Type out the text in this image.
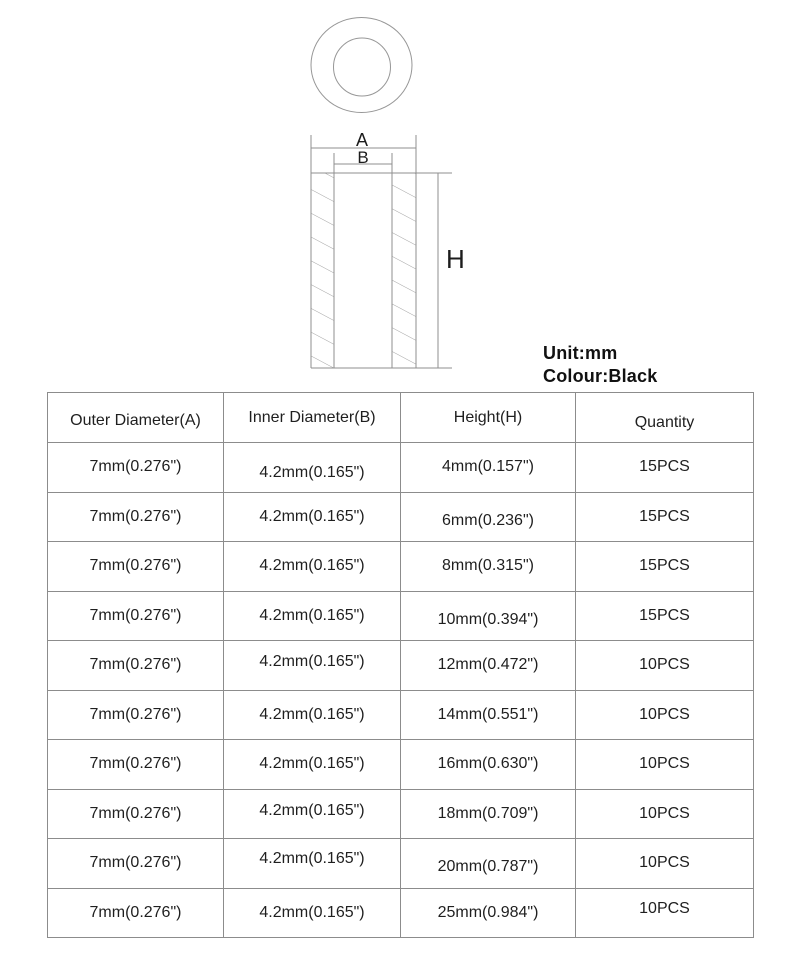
A
B
H
Unit:mm
Colour:Black
Outer Diameter(A)	Inner Diameter(B)	Height(H)	Quantity
7mm(0.276")	4.2mm(0.165")	4mm(0.157")	15PCS
7mm(0.276")	4.2mm(0.165")	6mm(0.236")	15PCS
7mm(0.276")	4.2mm(0.165")	8mm(0.315")	15PCS
7mm(0.276")	4.2mm(0.165")	10mm(0.394")	15PCS
7mm(0.276")	4.2mm(0.165")	12mm(0.472")	10PCS
7mm(0.276")	4.2mm(0.165")	14mm(0.551")	10PCS
7mm(0.276")	4.2mm(0.165")	16mm(0.630")	10PCS
7mm(0.276")	4.2mm(0.165")	18mm(0.709")	10PCS
7mm(0.276")	4.2mm(0.165")	20mm(0.787")	10PCS
7mm(0.276")	4.2mm(0.165")	25mm(0.984")	10PCS
